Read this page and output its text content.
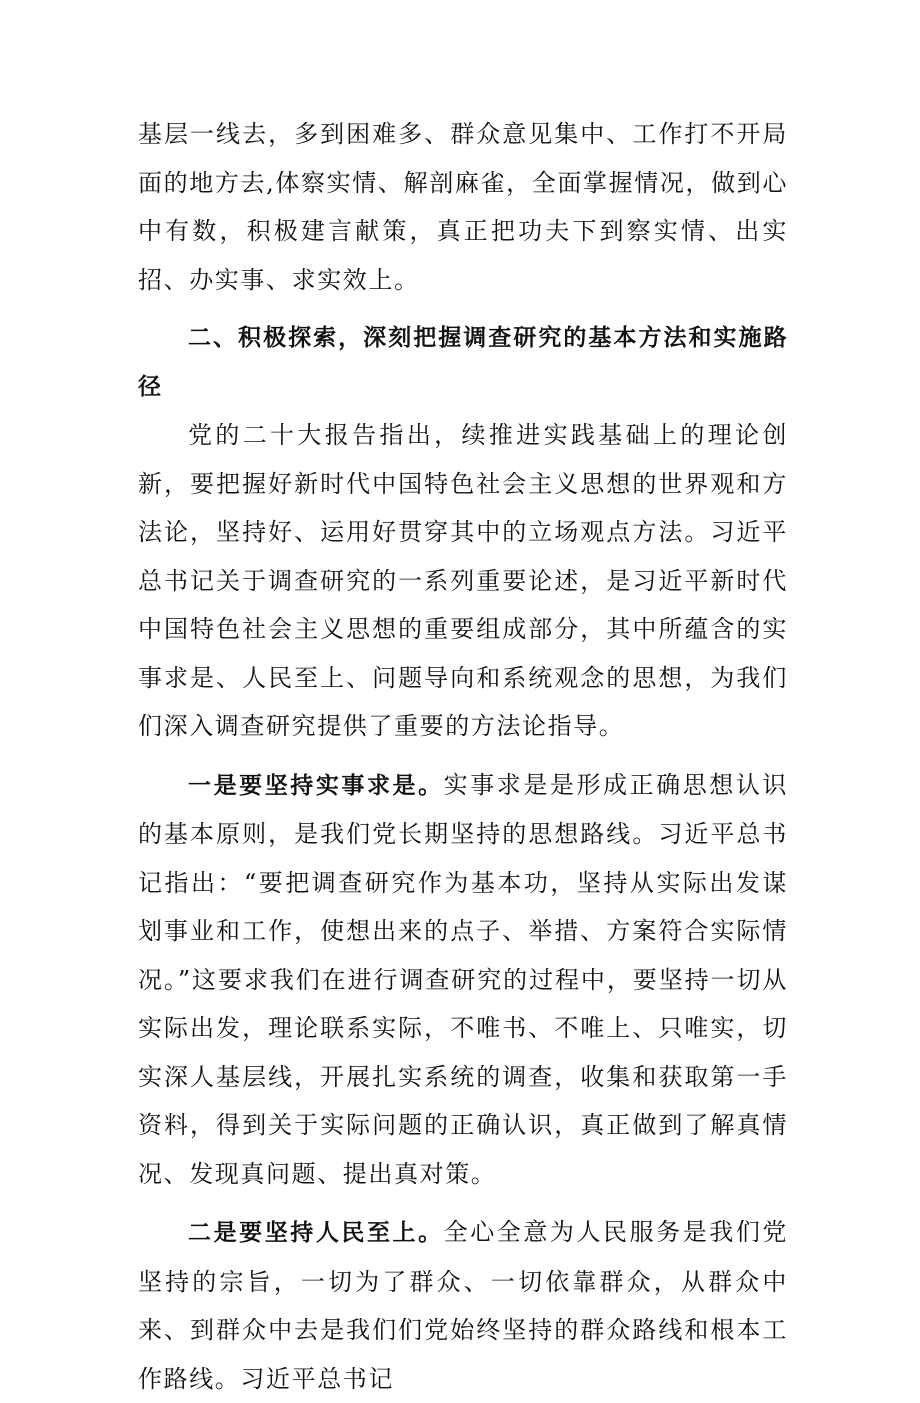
基层一线去，多到困难多、群众意见集中、工作打不开局面的地方去,体察实情、解剖麻雀，全面掌握情况，做到心中有数，积极建言献策，真正把功夫下到察实情、出实招、办实事、求实效上。

二、积极探索，深刻把握调查研究的基本方法和实施路径

党的二十大报告指出，续推进实践基础上的理论创新，要把握好新时代中国特色社会主义思想的世界观和方法论，坚持好、运用好贯穿其中的立场观点方法。习近平总书记关于调查研究的一系列重要论述，是习近平新时代中国特色社会主义思想的重要组成部分，其中所蕴含的实事求是、人民至上、问题导向和系统观念的思想，为我们们深入调查研究提供了重要的方法论指导。

一是要坚持实事求是。实事求是是形成正确思想认识的基本原则，是我们党长期坚持的思想路线。习近平总书记指出：“要把调查研究作为基本功，坚持从实际出发谋划事业和工作，使想出来的点子、举措、方案符合实际情况。”这要求我们在进行调查研究的过程中，要坚持一切从实际出发，理论联系实际，不唯书、不唯上、只唯实，切实深人基层线，开展扎实系统的调查，收集和获取第一手资料，得到关于实际问题的正确认识，真正做到了解真情况、发现真问题、提出真对策。

二是要坚持人民至上。全心全意为人民服务是我们党坚持的宗旨，一切为了群众、一切依靠群众，从群众中来、到群众中去是我们们党始终坚持的群众路线和根本工作路线。习近平总书记
